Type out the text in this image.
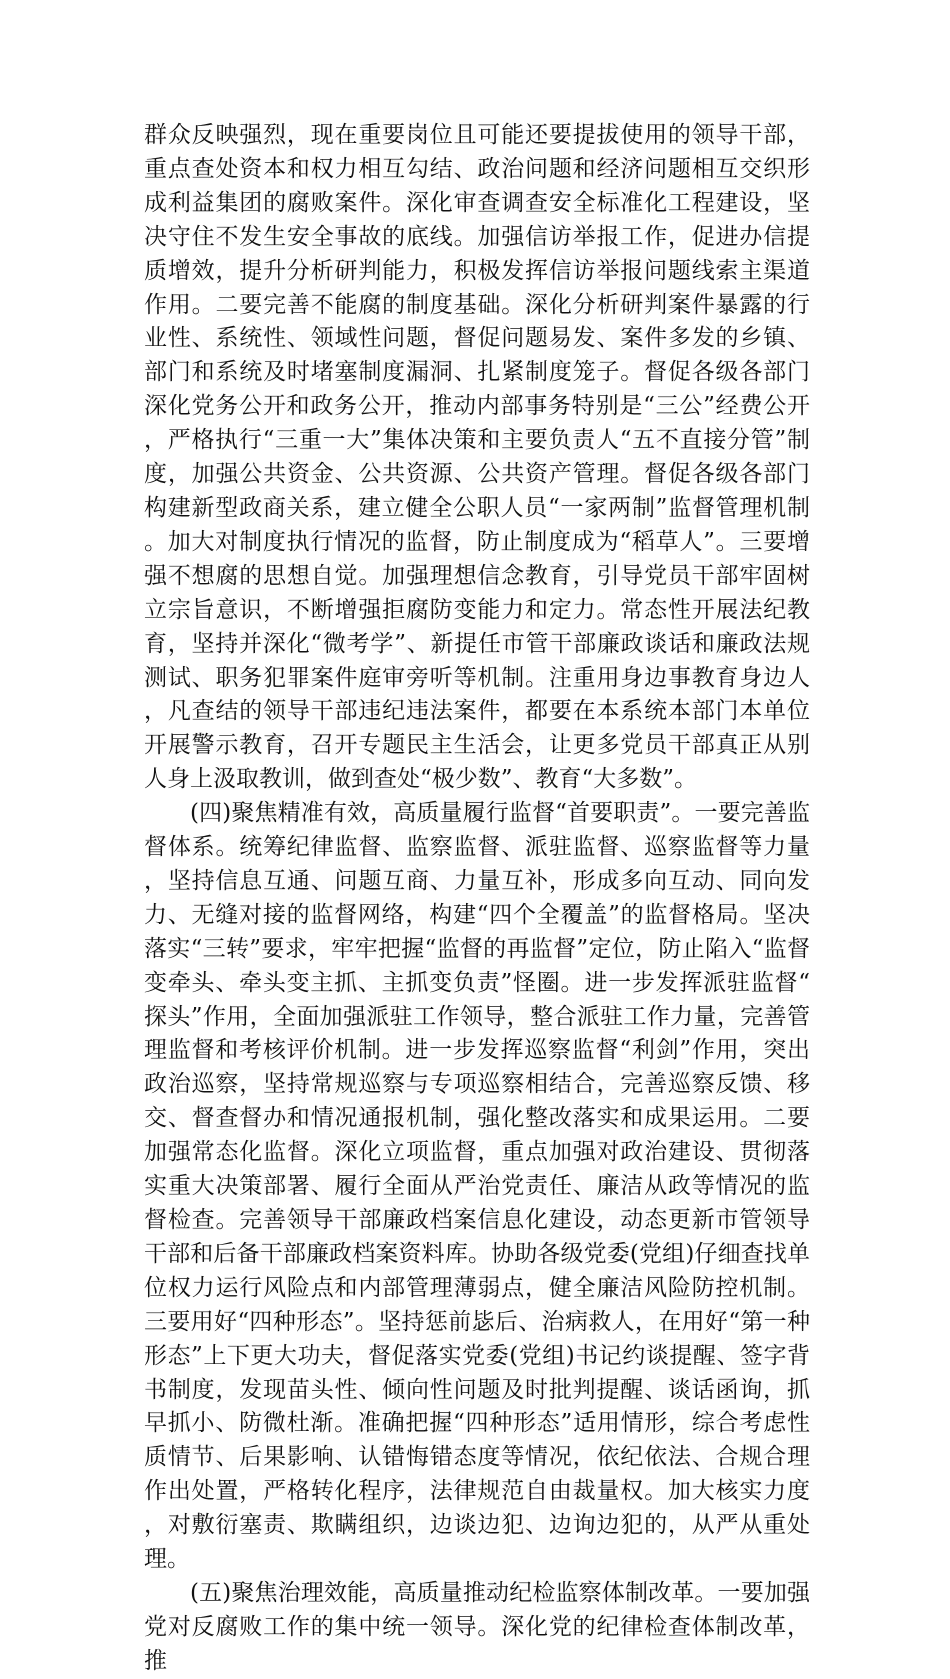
群众反映强烈，现在重要岗位且可能还要提拔使用的领导干部，重点查处资本和权力相互勾结、政治问题和经济问题相互交织形成利益集团的腐败案件。深化审查调查安全标准化工程建设，坚决守住不发生安全事故的底线。加强信访举报工作，促进办信提质增效，提升分析研判能力，积极发挥信访举报问题线索主渠道作用。二要完善不能腐的制度基础。深化分析研判案件暴露的行业性、系统性、领域性问题，督促问题易发、案件多发的乡镇、部门和系统及时堵塞制度漏洞、扎紧制度笼子。督促各级各部门深化党务公开和政务公开，推动内部事务特别是“三公”经费公开，严格执行“三重一大”集体决策和主要负责人“五不直接分管”制度，加强公共资金、公共资源、公共资产管理。督促各级各部门构建新型政商关系，建立健全公职人员“一家两制”监督管理机制。加大对制度执行情况的监督，防止制度成为“稻草人”。三要增强不想腐的思想自觉。加强理想信念教育，引导党员干部牢固树立宗旨意识，不断增强拒腐防变能力和定力。常态性开展法纪教育，坚持并深化“微考学”、新提任市管干部廉政谈话和廉政法规测试、职务犯罪案件庭审旁听等机制。注重用身边事教育身边人，凡查结的领导干部违纪违法案件，都要在本系统本部门本单位开展警示教育，召开专题民主生活会，让更多党员干部真正从别人身上汲取教训，做到查处“极少数”、教育“大多数”。

(四)聚焦精准有效，高质量履行监督“首要职责”。一要完善监督体系。统筹纪律监督、监察监督、派驻监督、巡察监督等力量，坚持信息互通、问题互商、力量互补，形成多向互动、同向发力、无缝对接的监督网络，构建“四个全覆盖”的监督格局。坚决落实“三转”要求，牢牢把握“监督的再监督”定位，防止陷入“监督变牵头、牵头变主抓、主抓变负责”怪圈。进一步发挥派驻监督“探头”作用，全面加强派驻工作领导，整合派驻工作力量，完善管理监督和考核评价机制。进一步发挥巡察监督“利剑”作用，突出政治巡察，坚持常规巡察与专项巡察相结合，完善巡察反馈、移交、督查督办和情况通报机制，强化整改落实和成果运用。二要加强常态化监督。深化立项监督，重点加强对政治建设、贯彻落实重大决策部署、履行全面从严治党责任、廉洁从政等情况的监督检查。完善领导干部廉政档案信息化建设，动态更新市管领导干部和后备干部廉政档案资料库。协助各级党委(党组)仔细查找单位权力运行风险点和内部管理薄弱点，健全廉洁风险防控机制。三要用好“四种形态”。坚持惩前毖后、治病救人，在用好“第一种形态”上下更大功夫，督促落实党委(党组)书记约谈提醒、签字背书制度，发现苗头性、倾向性问题及时批判提醒、谈话函询，抓早抓小、防微杜渐。准确把握“四种形态”适用情形，综合考虑性质情节、后果影响、认错悔错态度等情况，依纪依法、合规合理作出处置，严格转化程序，法律规范自由裁量权。加大核实力度，对敷衍塞责、欺瞒组织，边谈边犯、边询边犯的，从严从重处理。

(五)聚焦治理效能，高质量推动纪检监察体制改革。一要加强党对反腐败工作的集中统一领导。深化党的纪律检查体制改革，推
